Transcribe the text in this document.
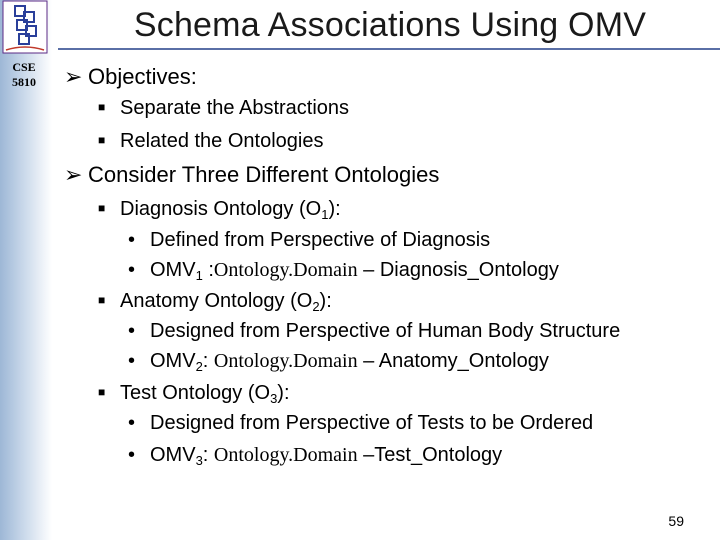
CSE
5810
Schema Associations Using OMV
➢ Objectives:
■ Separate the Abstractions
■ Related the Ontologies
➢ Consider Three Different Ontologies
■ Diagnosis Ontology $(O_1)$:
• Defined from Perspective of Diagnosis
• $OMV_1$ :Ontology.Domain – Diagnosis_Ontology
■ Anatomy Ontology $(O_2)$:
• Designed from Perspective of Human Body Structure
• $OMV_2$: Ontology.Domain – Anatomy_Ontology
■ Test Ontology $(O_3)$:
• Designed from Perspective of Tests to be Ordered
• $OMV_3$: Ontology.Domain –Test_Ontology
59
